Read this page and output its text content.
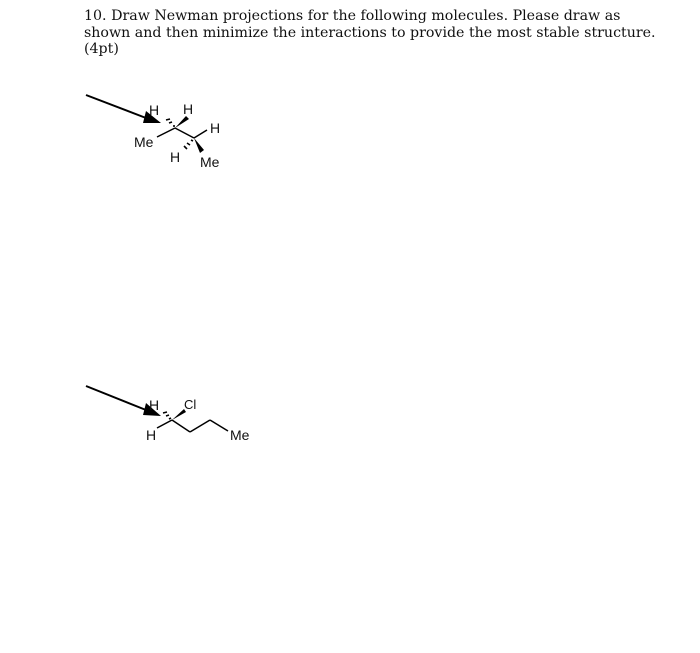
10. Draw Newman projections for the following molecules. Please draw as
shown and then minimize the interactions to provide the most stable structure.
(4pt)
H H
H
Me
H Me
H Cl
H	Me
